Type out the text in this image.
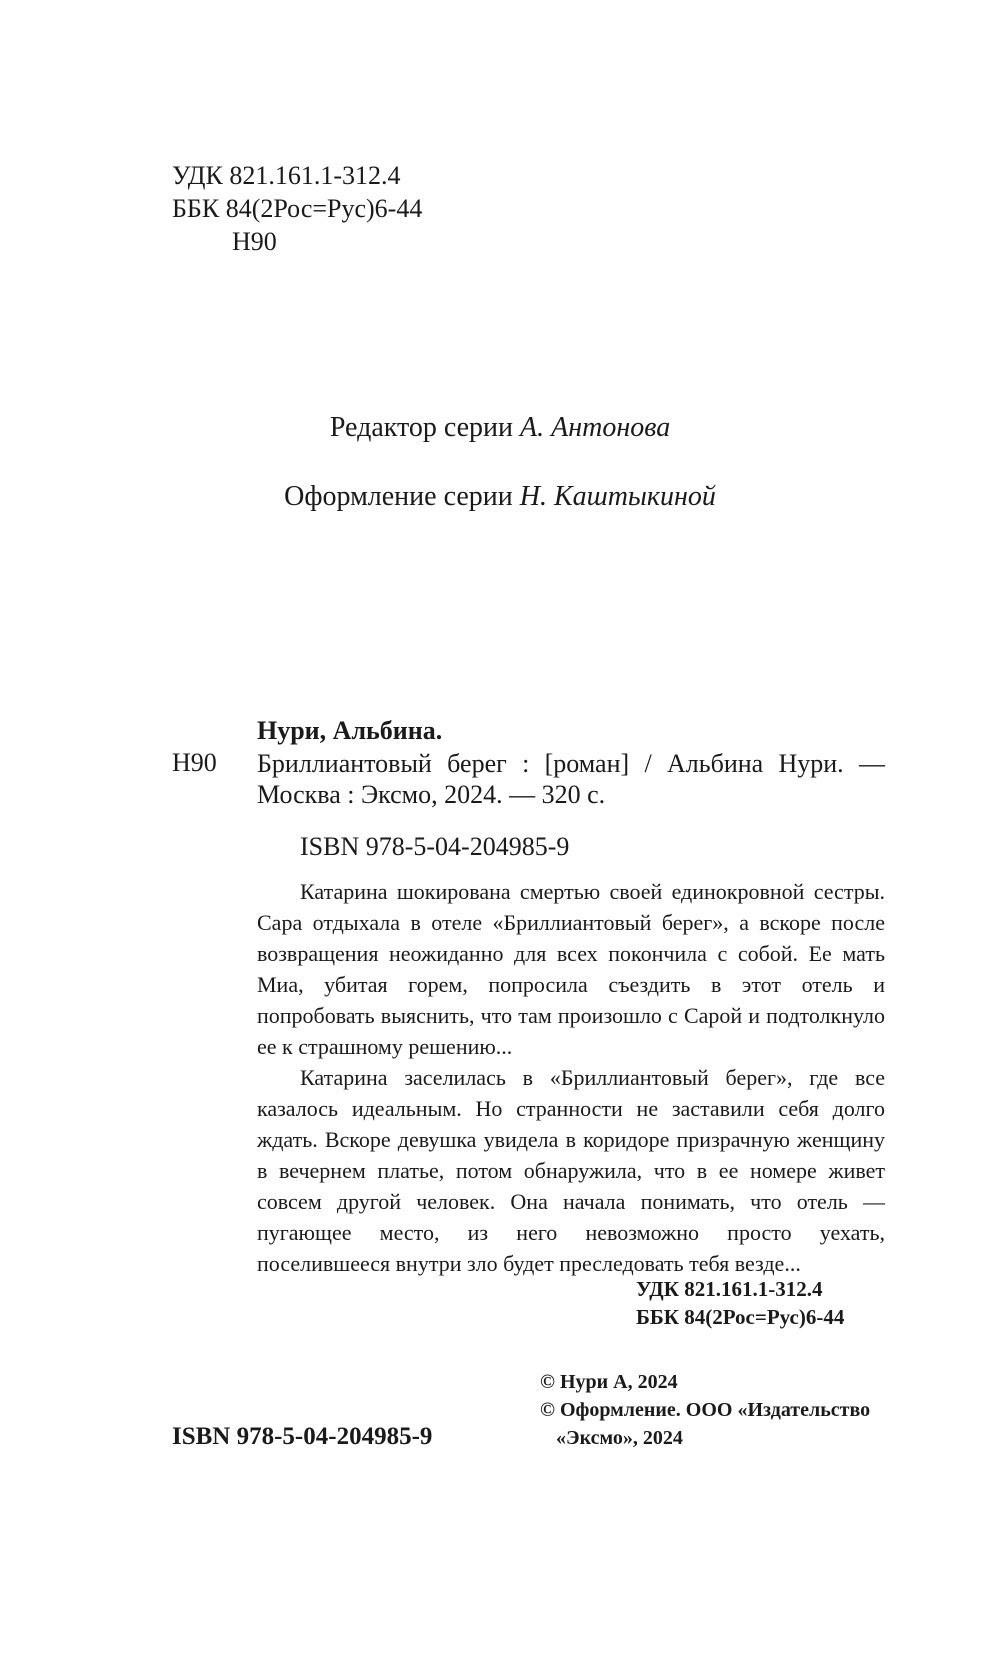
УДК 821.161.1-312.4
ББК 84(2Рос=Рус)6-44
Н90
Редактор серии А. Антонова
Оформление серии Н. Каштыкиной
Нури, Альбина.
Н90 Бриллиантовый берег : [роман] / Альбина Нури. — Москва : Эксмо, 2024. — 320 с.
ISBN 978-5-04-204985-9

Катарина шокирована смертью своей единокровной сестры. Сара отдыхала в отеле «Бриллиантовый берег», а вскоре после возвращения неожиданно для всех покончила с собой. Ее мать Миа, убитая горем, попросила съездить в этот отель и попробовать выяснить, что там произошло с Сарой и подтолкнуло ее к страшному решению...

Катарина заселилась в «Бриллиантовый берег», где все казалось идеальным. Но странности не заставили себя долго ждать. Вскоре девушка увидела в коридоре призрачную женщину в вечернем платье, потом обнаружила, что в ее номере живет совсем другой человек. Она начала понимать, что отель — пугающее место, из него невозможно просто уехать, поселившееся внутри зло будет преследовать тебя везде...

УДК 821.161.1-312.4
ББК 84(2Рос=Рус)6-44
ISBN 978-5-04-204985-9
© Нури А, 2024
© Оформление. ООО «Издательство
«Эксмо», 2024
